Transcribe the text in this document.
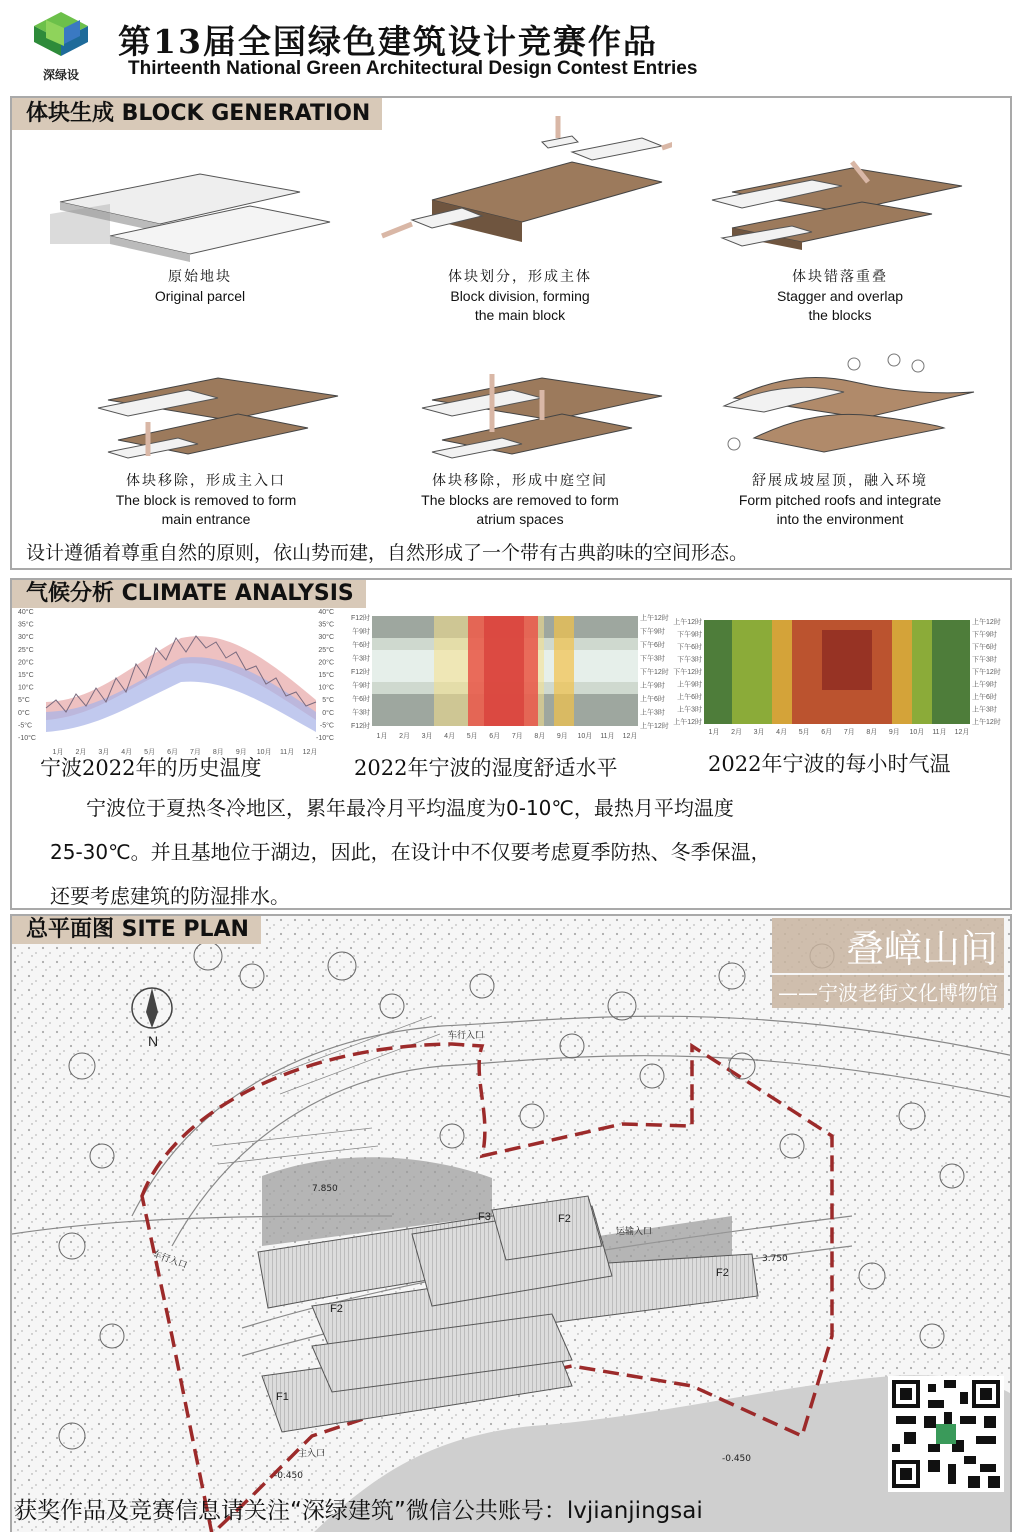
深绿设
第13届全国绿色建筑设计竞赛作品
Thirteenth National Green Architectural Design Contest Entries
体块生成 BLOCK GENERATION
原始地块
Original parcel
体块划分，形成主体
Block division, forming
the main block
体块错落重叠
Stagger and overlap
the blocks
体块移除，形成主入口
The block is removed to form
main entrance
体块移除，形成中庭空间
The blocks are removed to form
atrium spaces
舒展成坡屋顶，融入环境
Form pitched roofs and integrate
into the environment
设计遵循着尊重自然的原则，依山势而建，自然形成了一个带有古典韵味的空间形态。
气候分析 CLIMATE ANALYSIS
40°C
35°C
30°C
25°C
20°C
15°C
10°C
5°C
0°C
-5°C
-10°C
40°C
35°C
30°C
25°C
20°C
15°C
10°C
5°C
0°C
-5°C
-10°C
1月 2月 3月 4月 5月 6月 7月 8月 9月 10月 11月 12月
宁波2022年的历史温度
F12时
午9时
午6时
午3时
F12时
午9时
午6时
午3时
F12时
上午12时
下午9时
下午6时
下午3时
下午12时
上午9时
上午6时
上午3时
上午12时
1月 2月 3月 4月 5月 6月 7月 8月 9月 10月 11月 12月
2022年宁波的湿度舒适水平
上午12时
下午9时
下午6时
下午3时
下午12时
上午9时
上午6时
上午3时
上午12时
上午12时
下午9时
下午6时
下午3时
下午12时
上午9时
上午6时
上午3时
上午12时
1月 2月 3月 4月 5月 6月 7月 8月 9月 10月 11月 12月
2022年宁波的每小时气温

宁波位于夏热冬冷地区，累年最冷月平均温度为0-10℃，最热月平均温度

25-30℃。并且基地位于湖边，因此，在设计中不仅要考虑夏季防热、冬季保温，

还要考虑建筑的防湿排水。

N	车行入口
车行入口
运输入口
主入口
7.850
3.750
-0.450
-0.450
F1
F2
F2
F2
F3
叠嶂山间
——宁波老街文化博物馆
总平面图 SITE PLAN
获奖作品及竞赛信息请关注“深绿建筑”微信公共账号：lvjianjingsai
